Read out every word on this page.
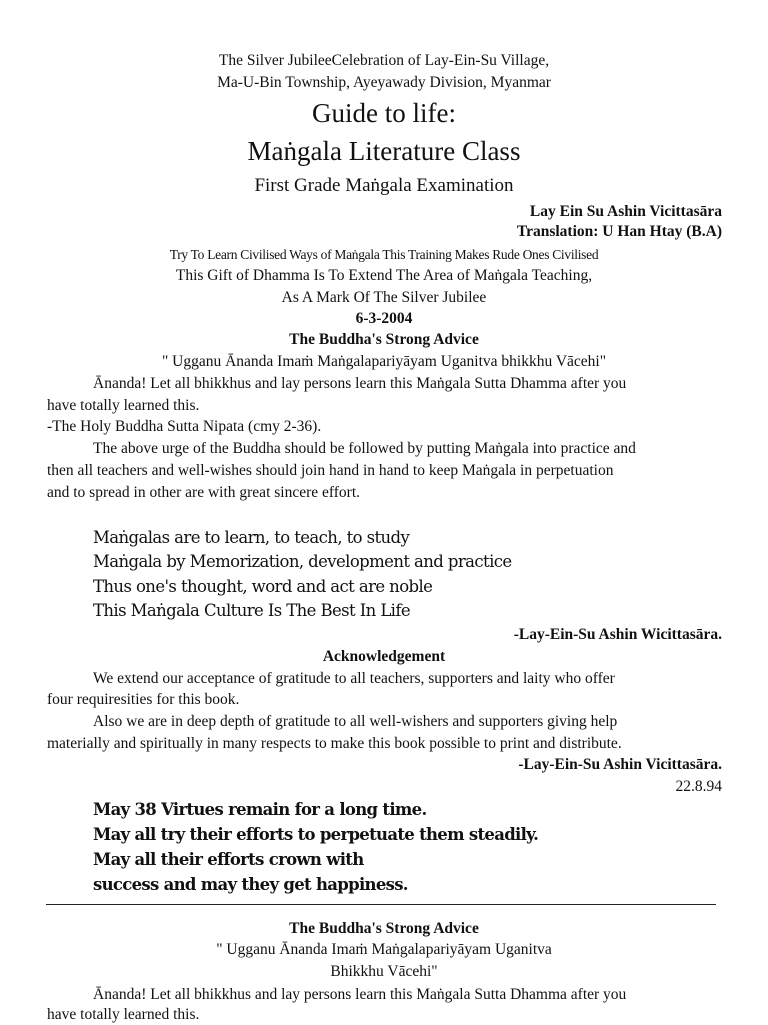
The Silver JubileeCelebration of Lay-Ein-Su Village,
Ma-U-Bin Township, Ayeyawady Division, Myanmar
Guide to life:
Maṅgala Literature Class
First Grade Maṅgala Examination
Lay Ein Su Ashin Vicittasāra
Translation: U Han Htay (B.A)
Try To Learn Civilised Ways of Maṅgala This Training Makes Rude Ones Civilised
This Gift of Dhamma Is To Extend The Area of Maṅgala Teaching,
As A Mark Of The Silver Jubilee
6-3-2004
The Buddha's Strong Advice
" Ugganu Ānanda Imaṁ Maṅgalapariyāyam Uganitva bhikkhu Vācehi"
Ānanda! Let all bhikkhus and lay persons learn this Maṅgala Sutta Dhamma after you
have totally learned this.
-The Holy Buddha Sutta Nipata (cmy 2-36).
The above urge of the Buddha should be followed by putting Maṅgala into practice and
then all teachers and well-wishes should join hand in hand to keep Maṅgala in perpetuation
and to spread in other are with great sincere effort.
Maṅgalas are to learn, to teach, to study
Maṅgala by Memorization, development and practice
Thus one's thought, word and act are noble
This Maṅgala Culture Is The Best In Life
-Lay-Ein-Su Ashin Wicittasāra.
Acknowledgement
We extend our acceptance of gratitude to all teachers, supporters and laity who offer
four requiresities for this book.
Also we are in deep depth of gratitude to all well-wishers and supporters giving help
materially and spiritually in many respects to make this book possible to print and distribute.
-Lay-Ein-Su Ashin Vicittasāra.
22.8.94
May 38 Virtues remain for a long time.
May all try their efforts to perpetuate them steadily.
May all their efforts crown with
success and may they get happiness.
The Buddha's Strong Advice
" Ugganu Ānanda Imaṁ Maṅgalapariyāyam Uganitva
Bhikkhu Vācehi"
Ānanda! Let all bhikkhus and lay persons learn this Maṅgala Sutta Dhamma after you
have totally learned this.
